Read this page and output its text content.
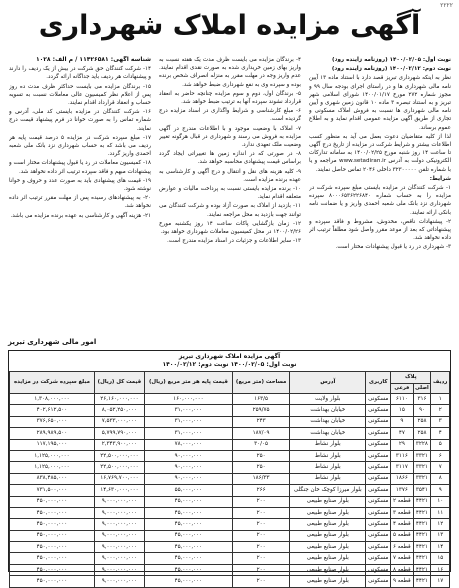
۲۲۲۲
آگهی مزایده املاک شهرداری

نوبت اول: ۱۴۰۰/۰۲/۰۵ (روزنامه زاینده رود)

نوبت دوم: ۱۴۰۰/۰۲/۱۲ (روزنامه زاینده رود)

نظر به اینکه شهرداری تبریز قصد دارد با استناد ماده ۱۳ آیین نامه مالی شهرداری ها و در راستای اجرای بودجه سال ۹۹ و مجوز شماره ۲۷۲ مورخ ۱۴۰۰/۰۱/۱۷ شورای اسلامی شهر تبریز و به استناد تبصره ۳ ماده ۱۰ قانون زمین شهری و آیین نامه مالی شهرداری ها نسبت به فروش املاک مسکونی و تجاری از طریق آگهی مزایده عمومی اقدام نماید و به اطلاع عموم برساند.

لذا از کلیه متقاضیان دعوت بعمل می آید به منظور کسب اطلاعات بیشتر و شرایط شرکت در مزایده از تاریخ درج آگهی تا ساعت ۱۴ روز شنبه مورخ ۱۴۰۰/۰۲/۲۵ به سامانه تدارکات الکترونیکی دولت به آدرس www.setadiran.ir مراجعه و یا با شماره تلفن ۳۲۳۰۰۰۰۰ داخلی ۲۰۴۶ تماس حاصل نمایند.

شرایط:

۱- شرکت کنندگان در مزایده بایستی مبلغ سپرده شرکت در مزایده را به حساب شماره ۸۰۰۰۶۵۳۶۲۲۶۸۴۰ سپرده شهرداری نزد بانک ملی شعبه احمدی واریز و یا ضمانت نامه بانکی ارائه نمایند.

۲- پیشنهادات ناقص، مخدوش، مشروط و فاقد سپرده و پیشنهاداتی که بعد از موعد مقرر واصل شود مطلقاً ترتیب اثر داده نخواهد شد.

۳- شهرداری در رد یا قبول پیشنهادات مختار است.

۴- برندگان مزایده می بایست ظرف مدت یک هفته نسبت به واریز بهای زمین خریداری شده به صورت نقدی اقدام نمایند. عدم واریز وجه در مهلت مقرر به منزله انصراف شخص برنده بوده و سپرده وی به نفع شهرداری ضبط خواهد شد.

۵- برندگان اول، دوم و سوم مزایده چنانچه حاضر به انعقاد قرارداد نشوند سپرده آنها به ترتیب ضبط خواهد شد.

۶- مبلغ کارشناسی و شرایط واگذاری در اسناد مزایده درج گردیده است.

۷- املاک با وضعیت موجود و با اطلاعات مندرج در آگهی مزایده به فروش می رسند و شهرداری در قبال هرگونه تغییر وضعیت ملک تعهدی ندارد.

۸- در صورتی که در اندازه زمین ها تغییراتی ایجاد گردد براساس قیمت پیشنهادی محاسبه خواهد شد.

۹- کلیه هزینه های نقل و انتقال و درج آگهی و کارشناسی به عهده برنده مزایده است.

۱۰- برنده مزایده بایستی نسبت به پرداخت مالیات و عوارض متعلقه اقدام نماید.

۱۱- بازدید از املاک به صورت آزاد بوده و شرکت کنندگان می توانند جهت بازدید به محل مراجعه نمایند.

۱۲- زمان بازگشایی پاکات ساعت ۱۴ روز یکشنبه مورخ ۱۴۰۰/۰۲/۲۶ در محل کمیسیون معاملات شهرداری خواهد بود.

۱۳- سایر اطلاعات و جزئیات در اسناد مزایده مندرج است.

شناسه آگهی: ۱۱۴۲۶۵۸۱ / م الف: ۱۰۲۸

۱۴- شرکت کنندگان حق شرکت در بیش از یک ردیف را دارند و پیشنهادات هر ردیف باید جداگانه ارائه گردد.

۱۵- برندگان مزایده می بایست حداکثر ظرف مدت ده روز پس از اعلام نظر کمیسیون عالی معاملات نسبت به تسویه حساب و انعقاد قرارداد اقدام نمایند.

۱۶- شرکت کنندگان در مزایده بایستی کد ملی، آدرس و شماره تماس را به صورت خوانا در فرم پیشنهاد قیمت درج نمایند.

۱۷- مبلغ سپرده شرکت در مزایده ۵ درصد قیمت پایه هر ردیف می باشد که به حساب شهرداری نزد بانک ملی شعبه احمدی واریز گردد.

۱۸- کمیسیون معاملات در رد یا قبول پیشنهادات مختار است و پیشنهادات مبهم و فاقد سپرده ترتیب اثر داده نخواهد شد.

۱۹- قیمت های پیشنهادی باید به صورت عدد و حروف و خوانا نوشته شود.

۲۰- به پیشنهادهای رسیده پس از مهلت مقرر ترتیب اثر داده نخواهد شد.

۲۱- هزینه آگهی و کارشناسی به عهده برنده مزایده می باشد.

امور مالی شهرداری تبریز
آگهی مزایده املاک شهرداری تبریز
نوبت اول: ۱۴۰۰/۰۲/۰۵ نوبت دوم: ۱۴۰۰/۰۲/۱۲
ردیف	پلاک		کاربری	آدرس	مساحت (متر مربع)	قیمت پایه هر متر مربع (ریال)	قیمت کل (ریال)	مبلغ سپرده شرکت در مزایده
	اصلی	فرعی						
۱	۳۱۶	۶۱۱۰	مسکونی	بلوار ولایت	۱۶۳/۵	۱۶۰,۰۰۰,۰۰۰	۲۶,۱۶۰,۰۰۰,۰۰۰	۱,۳۰۸,۰۰۰,۰۰۰
۲	۹۰	۱۵	مسکونی	خیابان بهداشت	۲۵۹/۷۵	۳۱,۰۰۰,۰۰۰	۸,۰۵۲,۲۵۰,۰۰۰	۴۰۲,۶۱۲,۵۰۰
۳	۲۵۸	۹	مسکونی	خیابان بهداشت	۲۴۳	۳۱,۰۰۰,۰۰۰	۷,۵۳۳,۰۰۰,۰۰۰	۳۷۶,۶۵۰,۰۰۰
۴	۲۵۸	۴۷	مسکونی	خیابان بهداشت	۱۸۷/۰۹	۳۱,۰۰۰,۰۰۰	۵,۷۹۹,۷۹۰,۰۰۰	۲۸۹,۹۸۹,۵۰۰
۵	۳۲۲۸	۲۹	مسکونی	بلوار نشاط	۳۰/۰۵	۷۸,۰۰۰,۰۰۰	۲,۳۴۳,۹۰۰,۰۰۰	۱۱۷,۱۹۵,۰۰۰
۶	۳۳۲۱	۳۱۱۶	مسکونی	بلوار نشاط	۲۵۰	۹۰,۰۰۰,۰۰۰	۲۲,۵۰۰,۰۰۰,۰۰۰	۱,۱۲۵,۰۰۰,۰۰۰
۷	۳۳۲۱	۳۱۱۷	مسکونی	بلوار نشاط	۲۵۰	۹۰,۰۰۰,۰۰۰	۲۲,۵۰۰,۰۰۰,۰۰۰	۱,۱۲۵,۰۰۰,۰۰۰
۸	۳۳۲۱	۱۸۶۶	مسکونی	بلوار نشاط	۱۸۶/۳۳	۹۰,۰۰۰,۰۰۰	۱۶,۷۶۹,۷۰۰,۰۰۰	۸۳۸,۴۸۵,۰۰۰
۹	۳۵۴۱	۱۳۷۶	مسکونی	بلوار میرزا کوچک خان جنگلی	۲۶۶	۵۵,۰۰۰,۰۰۰	۱۴,۶۳۰,۰۰۰,۰۰۰	۷۳۱,۵۰۰,۰۰۰
۱۰	۴۴۲۱	قطعه ۲	مسکونی	بلوار صنایع طبیعی	۲۰۰	۴۵,۰۰۰,۰۰۰	۹,۰۰۰,۰۰۰,۰۰۰	۴۵۰,۰۰۰,۰۰۰
۱۱	۴۴۲۱	قطعه ۳	مسکونی	بلوار صنایع طبیعی	۲۰۰	۴۵,۰۰۰,۰۰۰	۹,۰۰۰,۰۰۰,۰۰۰	۴۵۰,۰۰۰,۰۰۰
۱۲	۴۴۲۱	قطعه ۴	مسکونی	بلوار صنایع طبیعی	۲۰۰	۴۵,۰۰۰,۰۰۰	۹,۰۰۰,۰۰۰,۰۰۰	۴۵۰,۰۰۰,۰۰۰
۱۳	۴۴۲۱	قطعه ۵	مسکونی	بلوار صنایع طبیعی	۲۰۰	۴۵,۰۰۰,۰۰۰	۹,۰۰۰,۰۰۰,۰۰۰	۴۵۰,۰۰۰,۰۰۰
۱۴	۴۴۲۱	قطعه ۶	مسکونی	بلوار صنایع طبیعی	۲۰۰	۴۵,۰۰۰,۰۰۰	۹,۰۰۰,۰۰۰,۰۰۰	۴۵۰,۰۰۰,۰۰۰
۱۵	۴۴۲۱	قطعه ۷	مسکونی	بلوار صنایع طبیعی	۲۰۰	۴۵,۰۰۰,۰۰۰	۹,۰۰۰,۰۰۰,۰۰۰	۴۵۰,۰۰۰,۰۰۰
۱۶	۴۴۲۱	قطعه ۸	مسکونی	بلوار صنایع طبیعی	۲۰۰	۴۵,۰۰۰,۰۰۰	۹,۰۰۰,۰۰۰,۰۰۰	۴۵۰,۰۰۰,۰۰۰
۱۷	۴۴۲۱	قطعه ۹	مسکونی	بلوار صنایع طبیعی	۲۰۰	۴۵,۰۰۰,۰۰۰	۹,۰۰۰,۰۰۰,۰۰۰	۴۵۰,۰۰۰,۰۰۰
